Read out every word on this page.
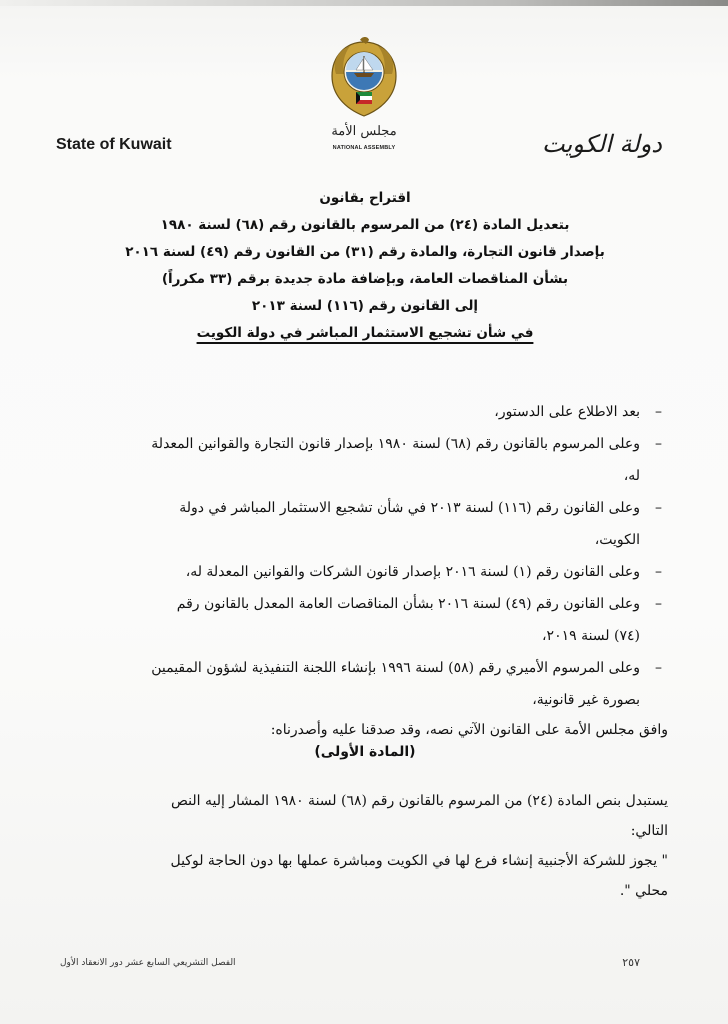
مجلس الأمة
NATIONAL ASSEMBLY
State of Kuwait	دولة الكويت
اقتراح بقانون
بتعديل المادة (٢٤) من المرسوم بالقانون رقم (٦٨) لسنة ١٩٨٠
بإصدار قانون التجارة، والمادة رقم (٣١) من القانون رقم (٤٩) لسنة ٢٠١٦
بشأن المناقصات العامة، وبإضافة مادة جديدة برقم (٣٣ مكرراً)
إلى القانون رقم (١١٦) لسنة ٢٠١٣
في شأن تشجيع الاستثمار المباشر في دولة الكويت
–
بعد الاطلاع على الدستور،
–
وعلى المرسوم بالقانون رقم (٦٨) لسنة ١٩٨٠ بإصدار قانون التجارة والقوانين المعدلة
له،
–
وعلى القانون رقم (١١٦) لسنة ٢٠١٣ في شأن تشجيع الاستثمار المباشر في دولة
الكويت،
–
وعلى القانون رقم (١) لسنة ٢٠١٦ بإصدار قانون الشركات والقوانين المعدلة له،
–
وعلى القانون رقم (٤٩) لسنة ٢٠١٦ بشأن المناقصات العامة المعدل بالقانون رقم
(٧٤) لسنة ٢٠١٩،
–
وعلى المرسوم الأميري رقم (٥٨) لسنة ١٩٩٦ بإنشاء اللجنة التنفيذية لشؤون المقيمين
بصورة غير قانونية،
وافق مجلس الأمة على القانون الآتي نصه، وقد صدقنا عليه وأصدرناه:
(المادة الأولى)
يستبدل بنص المادة (٢٤) من المرسوم بالقانون رقم (٦٨) لسنة ١٩٨٠ المشار إليه النص
التالي:
" يجوز للشركة الأجنبية إنشاء فرع لها في الكويت ومباشرة عملها بها دون الحاجة لوكيل
محلي ".
الفصل التشريعي السابع عشر دور الانعقاد الأول	٢٥٧
